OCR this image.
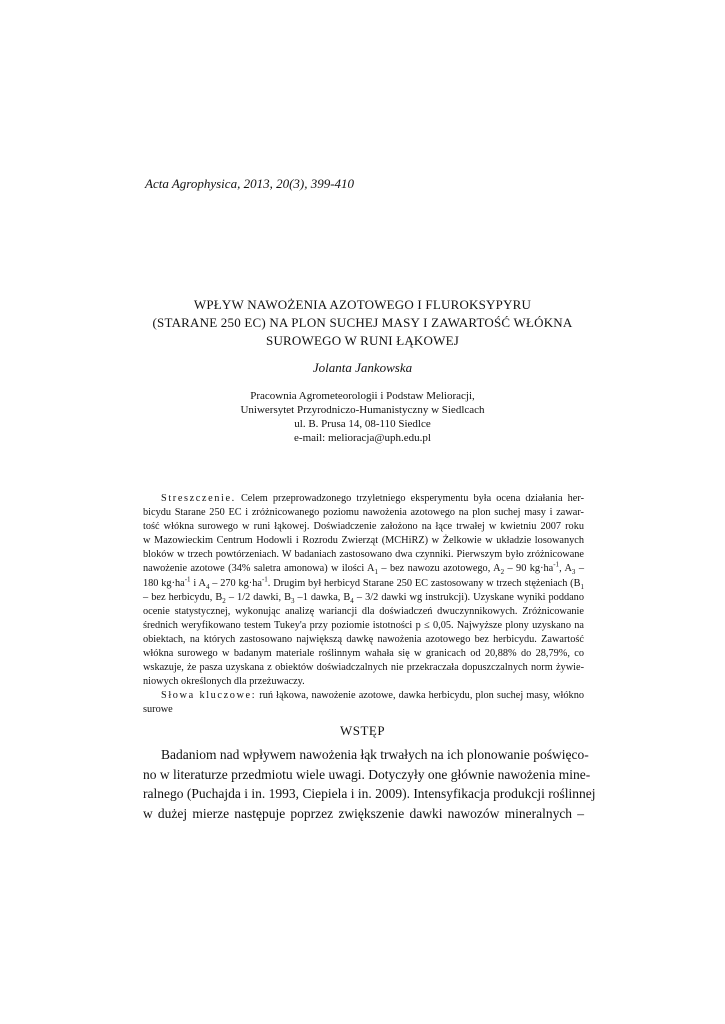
Acta Agrophysica, 2013, 20(3), 399-410
WPŁYW NAWOŻENIA AZOTOWEGO I FLUROKSYPYRU
(STARANE 250 EC) NA PLON SUCHEJ MASY I ZAWARTOŚĆ WŁÓKNA
SUROWEGO W RUNI ŁĄKOWEJ
Jolanta Jankowska
Pracownia Agrometeorologii i Podstaw Melioracji,
Uniwersytet Przyrodniczo-Humanistyczny w Siedlcach
ul. B. Prusa 14, 08-110 Siedlce
e-mail: melioracja@uph.edu.pl
Streszczenie. Celem przeprowadzonego trzyletniego eksperymentu była ocena działania her-
bicydu Starane 250 EC i zróżnicowanego poziomu nawożenia azotowego na plon suchej masy i zawar-
tość włókna surowego w runi łąkowej. Doświadczenie założono na łące trwałej w kwietniu 2007 roku
w Mazowieckim Centrum Hodowli i Rozrodu Zwierząt (MCHiRZ) w Żelkowie w układzie losowanych
bloków w trzech powtórzeniach. W badaniach zastosowano dwa czynniki. Pierwszym było zróżnicowane
nawożenie azotowe (34% saletra amonowa) w ilości $A_1$ – bez nawozu azotowego, $A_2 - 90$ $kg\cdot ha^{-1}$, $A_3$ –
180 $kg\cdot ha^{-1}$ i $A_4 - 270$ $kg\cdot ha^{-1}$. Drugim był herbicyd Starane 250 EC zastosowany w trzech stężeniach ($B_1$
– bez herbicydu, $B_2 - 1/2$ dawki, $B_3$ –1 dawka, $B_4 - 3/2$ dawki wg instrukcji). Uzyskane wyniki poddano
ocenie statystycznej, wykonując analizę wariancji dla doświadczeń dwuczynnikowych. Zróżnicowanie
średnich weryfikowano testem Tukey'a przy poziomie istotności p ≤ 0,05. Najwyższe plony uzyskano na
obiektach, na których zastosowano największą dawkę nawożenia azotowego bez herbicydu. Zawartość
włókna surowego w badanym materiale roślinnym wahała się w granicach od 20,88% do 28,79%, co
wskazuje, że pasza uzyskana z obiektów doświadczalnych nie przekraczała dopuszczalnych norm żywie-
niowych określonych dla przeżuwaczy.
Słowa kluczowe: ruń łąkowa, nawożenie azotowe, dawka herbicydu, plon suchej masy, włókno
surowe
WSTĘP
Badaniom nad wpływem nawożenia łąk trwałych na ich plonowanie poświęco-
no w literaturze przedmiotu wiele uwagi. Dotyczyły one głównie nawożenia mine-
ralnego (Puchajda i in. 1993, Ciepiela i in. 2009). Intensyfikacja produkcji roślinnej
w dużej mierze następuje poprzez zwiększenie dawki nawozów mineralnych –
